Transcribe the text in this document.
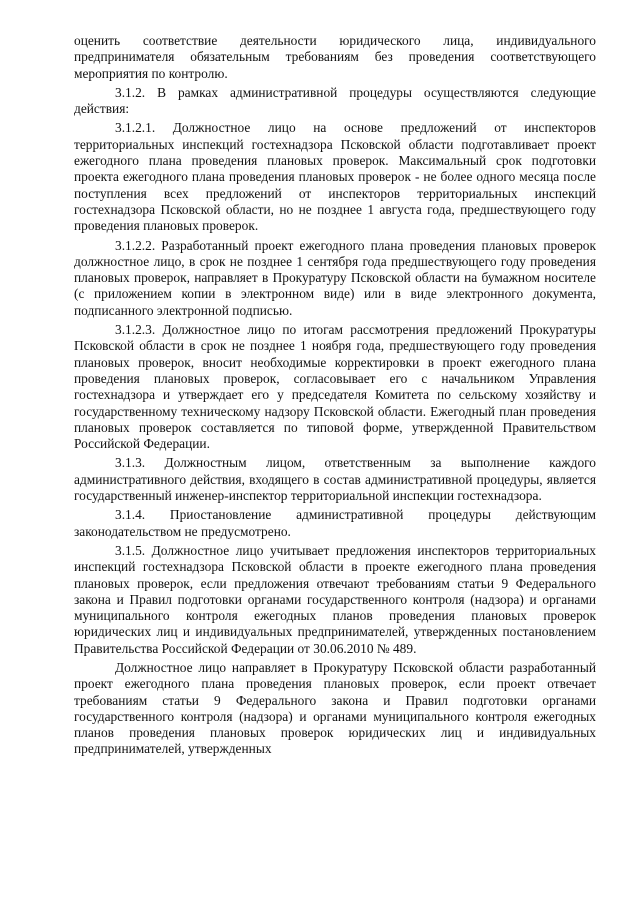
оценить соответствие деятельности юридического лица, индивидуального предпринимателя обязательным требованиям без проведения соответствующего мероприятия по контролю.

3.1.2. В рамках административной процедуры осуществляются следующие действия:

3.1.2.1. Должностное лицо на основе предложений от инспекторов территориальных инспекций гостехнадзора Псковской области подготавливает проект ежегодного плана проведения плановых проверок. Максимальный срок подготовки проекта ежегодного плана проведения плановых проверок - не более одного месяца после поступления всех предложений от инспекторов территориальных инспекций гостехнадзора Псковской области, но не позднее 1 августа года, предшествующего году проведения плановых проверок.

3.1.2.2. Разработанный проект ежегодного плана проведения плановых проверок должностное лицо, в срок не позднее 1 сентября года предшествующего году проведения плановых проверок, направляет в Прокуратуру Псковской области на бумажном носителе (с приложением копии в электронном виде) или в виде электронного документа, подписанного электронной подписью.

3.1.2.3. Должностное лицо по итогам рассмотрения предложений Прокуратуры Псковской области в срок не позднее 1 ноября года, предшествующего году проведения плановых проверок, вносит необходимые корректировки в проект ежегодного плана проведения плановых проверок, согласовывает его с начальником Управления гостехнадзора и утверждает его у председателя Комитета по сельскому хозяйству и государственному техническому надзору Псковской области. Ежегодный план проведения плановых проверок составляется по типовой форме, утвержденной Правительством Российской Федерации.

3.1.3. Должностным лицом, ответственным за выполнение каждого административного действия, входящего в состав административной процедуры, является государственный инженер-инспектор территориальной инспекции гостехнадзора.

3.1.4. Приостановление административной процедуры действующим законодательством не предусмотрено.

3.1.5. Должностное лицо учитывает предложения инспекторов территориальных инспекций гостехнадзора Псковской области в проекте ежегодного плана проведения плановых проверок, если предложения отвечают требованиям статьи 9 Федерального закона и Правил подготовки органами государственного контроля (надзора) и органами муниципального контроля ежегодных планов проведения плановых проверок юридических лиц и индивидуальных предпринимателей, утвержденных постановлением Правительства Российской Федерации от 30.06.2010 № 489.

Должностное лицо направляет в Прокуратуру Псковской области разработанный проект ежегодного плана проведения плановых проверок, если проект отвечает требованиям статьи 9 Федерального закона и Правил подготовки органами государственного контроля (надзора) и органами муниципального контроля ежегодных планов проведения плановых проверок юридических лиц и индивидуальных предпринимателей, утвержденных
